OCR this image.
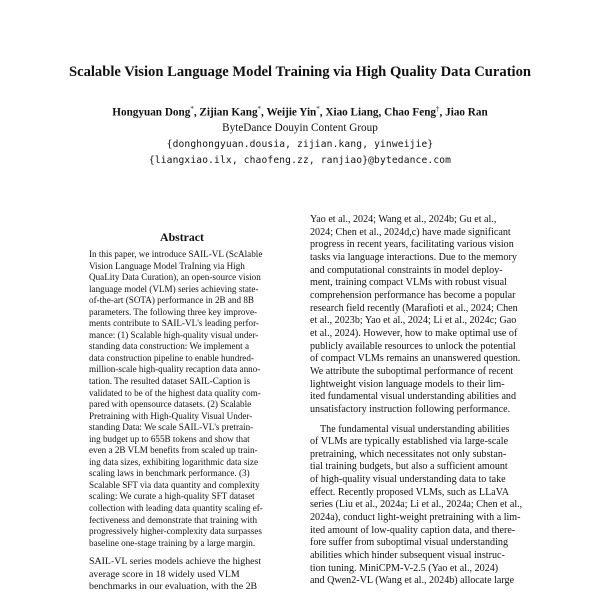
Scalable Vision Language Model Training via High Quality Data Curation
Hongyuan Dong*, Zijian Kang*, Weijie Yin*, Xiao Liang, Chao Feng†, Jiao Ran
ByteDance Douyin Content Group
{donghongyuan.dousia, zijian.kang, yinweijie}
{liangxiao.ilx, chaofeng.zz, ranjiao}@bytedance.com
Abstract
In this paper, we introduce SAIL-VL (ScAlable
Vision Language Model TraIning via High
QuaLity Data Curation), an open-source vision
language model (VLM) series achieving state-
of-the-art (SOTA) performance in 2B and 8B
parameters. The following three key improve-
ments contribute to SAIL-VL's leading perfor-
mance: (1) Scalable high-quality visual under-
standing data construction: We implement a
data construction pipeline to enable hundred-
million-scale high-quality recaption data anno-
tation. The resulted dataset SAIL-Caption is
validated to be of the highest data quality com-
pared with opensource datasets. (2) Scalable
Pretraining with High-Quality Visual Under-
standing Data: We scale SAIL-VL's pretrain-
ing budget up to 655B tokens and show that
even a 2B VLM benefits from scaled up train-
ing data sizes, exhibiting logarithmic data size
scaling laws in benchmark performance. (3)
Scalable SFT via data quantity and complexity
scaling: We curate a high-quality SFT dataset
collection with leading data quantity scaling ef-
fectiveness and demonstrate that training with
progressively higher-complexity data surpasses
baseline one-stage training by a large margin.
SAIL-VL series models achieve the highest
average score in 18 widely used VLM
benchmarks in our evaluation, with the 2B
Yao et al., 2024; Wang et al., 2024b; Gu et al.,
2024; Chen et al., 2024d,c) have made significant
progress in recent years, facilitating various vision
tasks via language interactions. Due to the memory
and computational constraints in model deploy-
ment, training compact VLMs with robust visual
comprehension performance has become a popular
research field recently (Marafioti et al., 2024; Chen
et al., 2023b; Yao et al., 2024; Li et al., 2024c; Gao
et al., 2024). However, how to make optimal use of
publicly available resources to unlock the potential
of compact VLMs remains an unanswered question.
We attribute the suboptimal performance of recent
lightweight vision language models to their lim-
ited fundamental visual understanding abilities and
unsatisfactory instruction following performance.
The fundamental visual understanding abilities
of VLMs are typically established via large-scale
pretraining, which necessitates not only substan-
tial training budgets, but also a sufficient amount
of high-quality visual understanding data to take
effect. Recently proposed VLMs, such as LLaVA
series (Liu et al., 2024a; Li et al., 2024a; Chen et al.,
2024a), conduct light-weight pretraining with a lim-
ited amount of low-quality caption data, and there-
fore suffer from suboptimal visual understanding
abilities which hinder subsequent visual instruc-
tion tuning. MiniCPM-V-2.5 (Yao et al., 2024)
and Qwen2-VL (Wang et al., 2024b) allocate large
